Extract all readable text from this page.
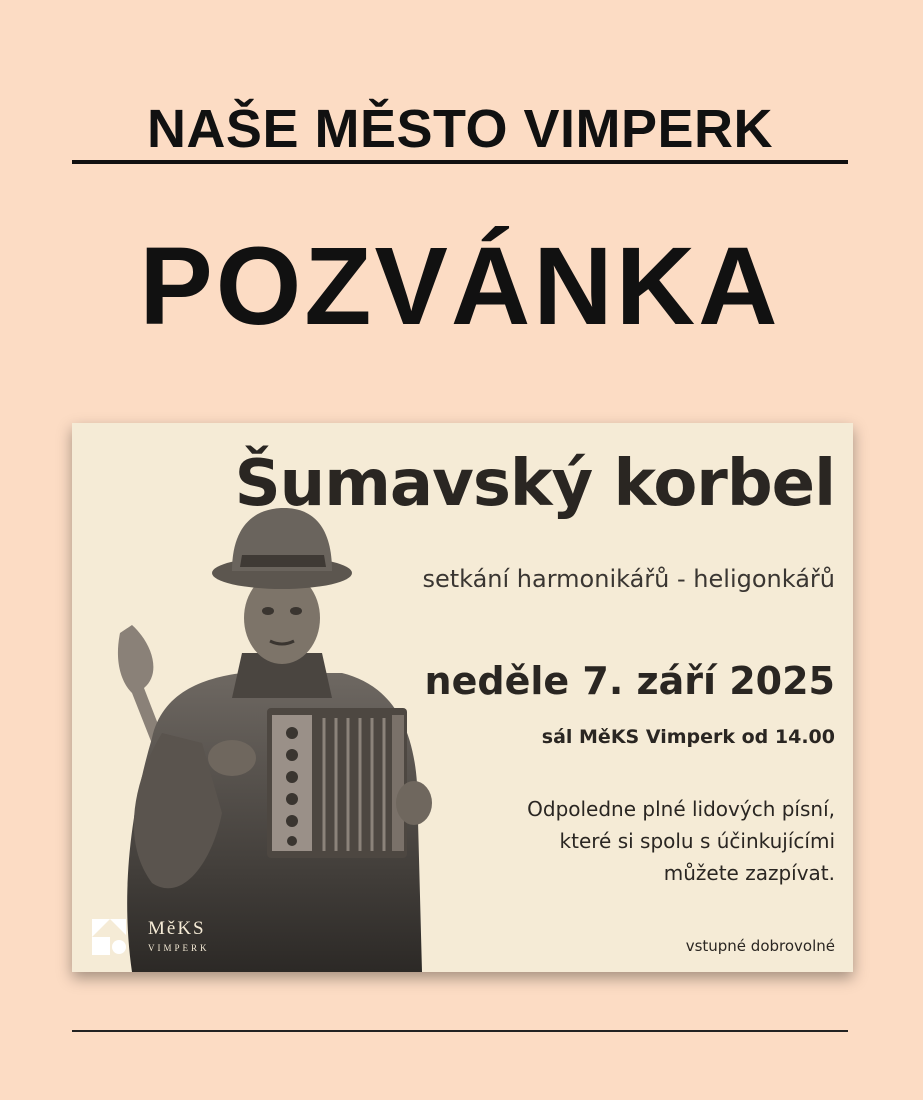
NAŠE MĚSTO VIMPERK
POZVÁNKA
Šumavský korbel
setkání harmonikářů - heligonkářů
neděle 7. září 2025
sál MěKS Vimperk od 14.00
Odpoledne plné lidových písní,
které si spolu s účinkujícími
můžete zazpívat.
vstupné dobrovolné
MěKS
VIMPERK
